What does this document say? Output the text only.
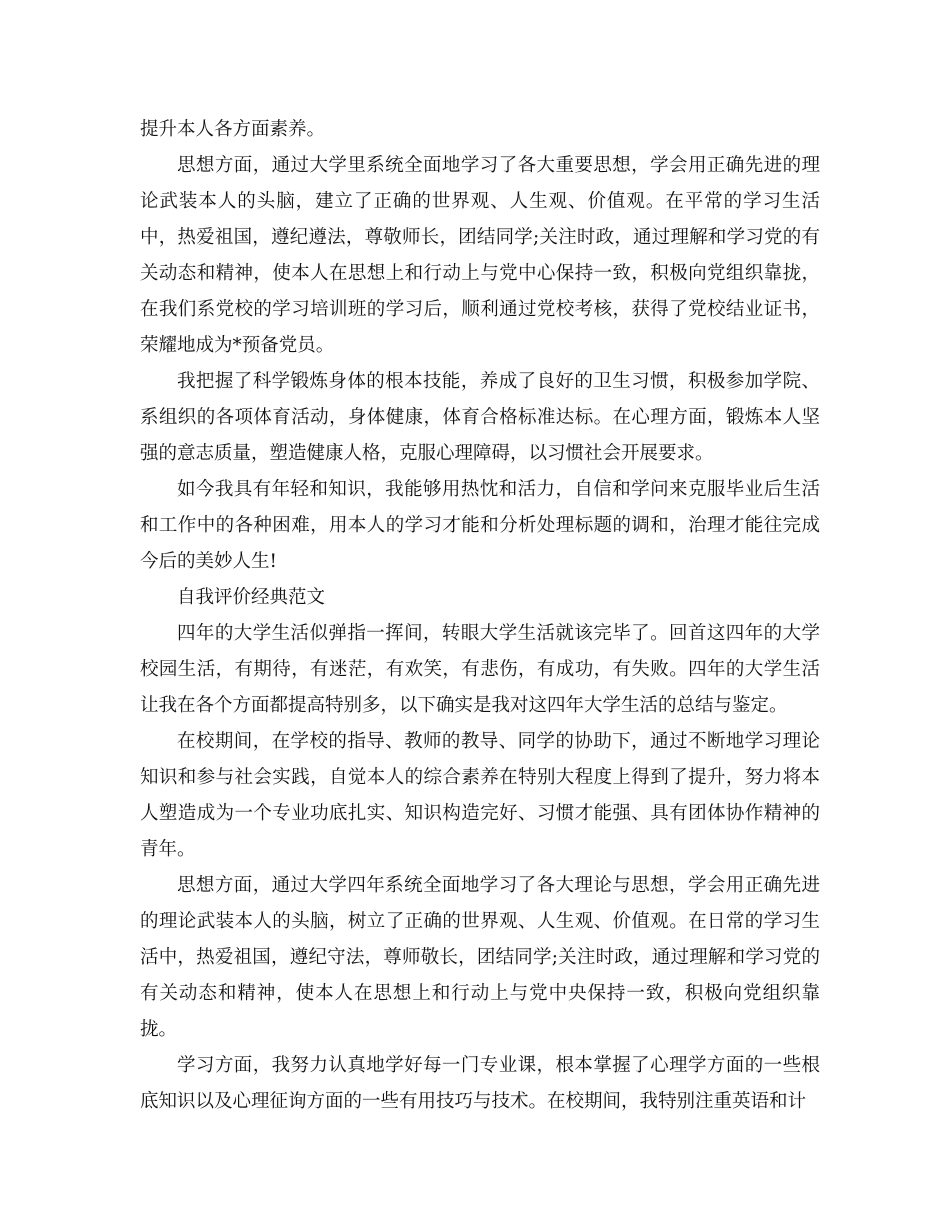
提升本人各方面素养。

思想方面，通过大学里系统全面地学习了各大重要思想，学会用正确先进的理论武装本人的头脑，建立了正确的世界观、人生观、价值观。在平常的学习生活中，热爱祖国，遵纪遵法，尊敬师长，团结同学;关注时政，通过理解和学习党的有关动态和精神，使本人在思想上和行动上与党中心保持一致，积极向党组织靠拢，在我们系党校的学习培训班的学习后，顺利通过党校考核，获得了党校结业证书，荣耀地成为*预备党员。

我把握了科学锻炼身体的根本技能，养成了良好的卫生习惯，积极参加学院、系组织的各项体育活动，身体健康，体育合格标准达标。在心理方面，锻炼本人坚强的意志质量，塑造健康人格，克服心理障碍，以习惯社会开展要求。

如今我具有年轻和知识，我能够用热忱和活力，自信和学问来克服毕业后生活和工作中的各种困难，用本人的学习才能和分析处理标题的调和，治理才能往完成今后的美妙人生!

自我评价经典范文

四年的大学生活似弹指一挥间，转眼大学生活就该完毕了。回首这四年的大学校园生活，有期待，有迷茫，有欢笑，有悲伤，有成功，有失败。四年的大学生活让我在各个方面都提高特别多，以下确实是我对这四年大学生活的总结与鉴定。

在校期间，在学校的指导、教师的教导、同学的协助下，通过不断地学习理论知识和参与社会实践，自觉本人的综合素养在特别大程度上得到了提升，努力将本人塑造成为一个专业功底扎实、知识构造完好、习惯才能强、具有团体协作精神的青年。

思想方面，通过大学四年系统全面地学习了各大理论与思想，学会用正确先进的理论武装本人的头脑，树立了正确的世界观、人生观、价值观。在日常的学习生活中，热爱祖国，遵纪守法，尊师敬长，团结同学;关注时政，通过理解和学习党的有关动态和精神，使本人在思想上和行动上与党中央保持一致，积极向党组织靠拢。

学习方面，我努力认真地学好每一门专业课，根本掌握了心理学方面的一些根底知识以及心理征询方面的一些有用技巧与技术。在校期间，我特别注重英语和计
